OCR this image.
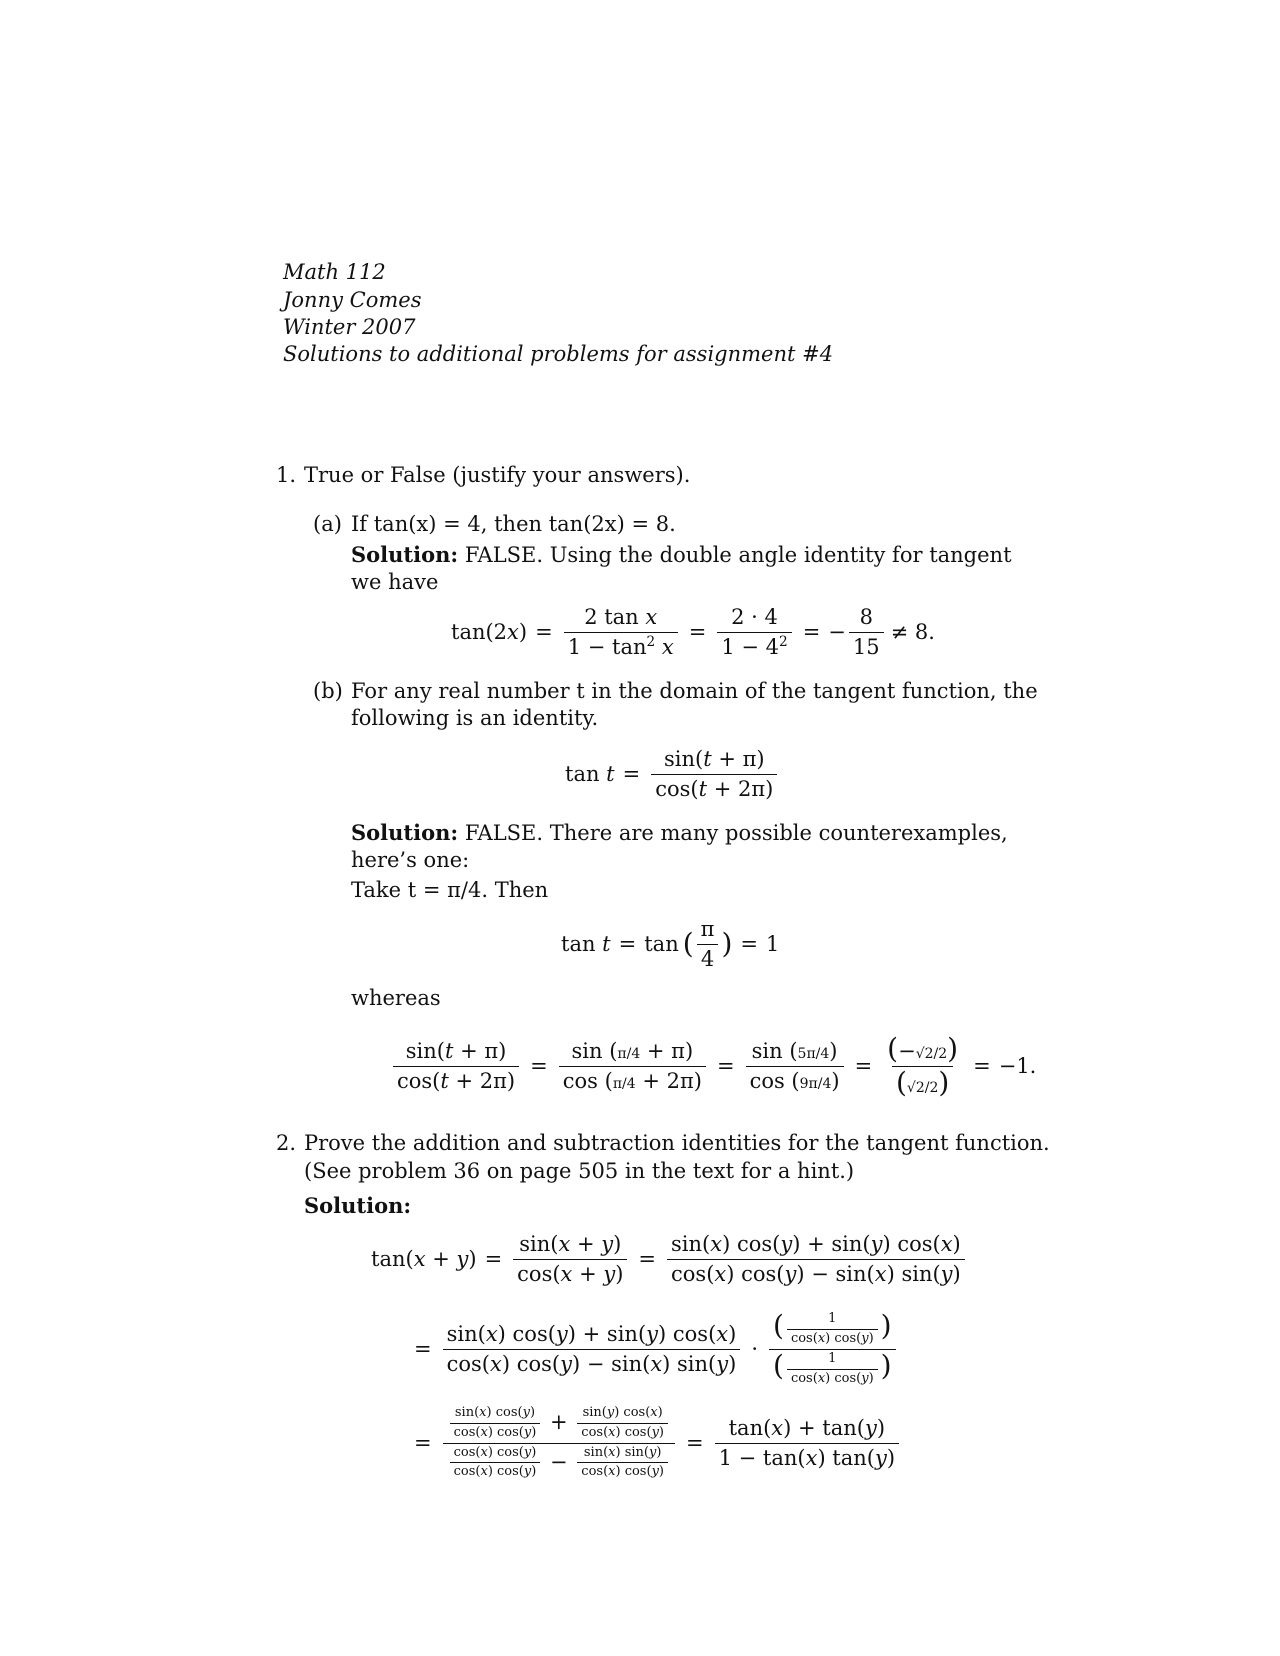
Math 112
Jonny Comes
Winter 2007
Solutions to additional problems for assignment #4
1. True or False (justify your answers).
(a) If tan(x) = 4, then tan(2x) = 8.
Solution: FALSE. Using the double angle identity for tangent
we have
$\tan(2x) = \frac{\text{2 tan x}}{1 - \tan^2 x} = \frac{2 \cdot 4}{1 - 4^2}$ = − $\frac{8}{15} \ne 8$.
(b) For any real number t in the domain of the tangent function, the
following is an identity.
$\tan t = \frac{\sin(t + \pi)}{\cos(t + 2\pi)}$
Solution: FALSE. There are many possible counterexamples,
here’s one:
Take t = π/4. Then
tan t = tan ( $\frac{\pi}{4}$ ) = 1
whereas
$\frac{\sin(t + \pi)}{\cos(t + 2\pi)} = \frac{\sin (\pi/4 + \pi)}{\cos (\pi/4 + 2\pi)} = \frac{\sin (5\pi/4)}{\cos (9\pi/4)} = \frac{(-√2/2)}{(√2/2)} = -1$.
2. Prove the addition and subtraction identities for the tangent function.
(See problem 36 on page 505 in the text for a hint.)
Solution:
$\tan(x + y) = \frac{\sin(x + y)}{\cos(x + y)} = \frac{\sin(x) \cos(y) + \sin(y) \cos(x)}{\cos(x) \cos(y) - \sin(x) \sin(y)}$
= $\frac{\sin(x) \cos(y) + \sin(y) \cos(x)}{\cos(x) \cos(y) - \sin(x) \sin(y)} \cdot \frac{( \frac{1}{\cos(x) \cos(y)} )}{( \frac{1}{\cos(x) \cos(y)} )}$
=
$\frac{\sin(x) \cos(y)}{\cos(x) \cos(y)} + \frac{\sin(y) \cos(x)}{\cos(x) \cos(y)}$
$\frac{\cos(x) \cos(y)}{\cos(x) \cos(y)} - \frac{\sin(x) \sin(y)}{\cos(x) \cos(y)}$
= $\frac{\tan(x) + \tan(y)}{1 - \tan(x) \tan(y)}$
